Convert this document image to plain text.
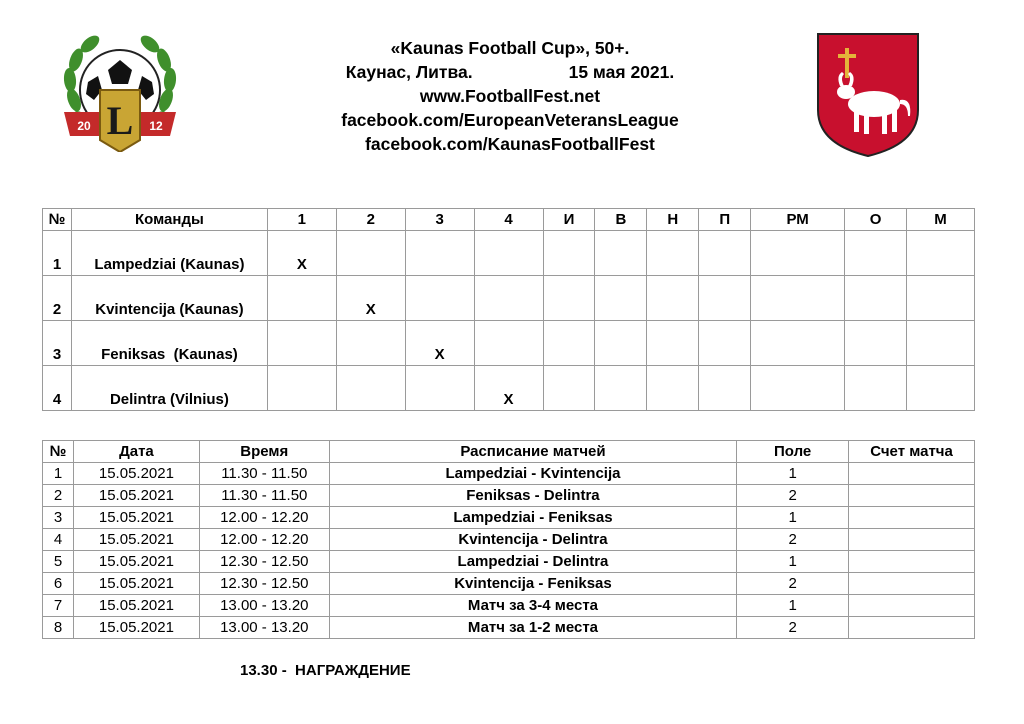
L
20	12
«Kaunas Football Cup», 50+.
Каунас, Литва.	15 мая 2021.
www.FootballFest.net
facebook.com/EuropeanVeteransLeague
facebook.com/KaunasFootballFest
№	Команды	1	2	3	4	И	В	Н	П	РМ	О	М
1	Lampedziai (Kaunas)	X										
2	Kvintencija (Kaunas)		X									
3	Feniksas  (Kaunas)			X								
4	Delintra (Vilnius)				X							
№	Дата	Время	Расписание матчей	Поле	Счет матча
1	15.05.2021	11.30 - 11.50	Lampedziai - Kvintencija	1	
2	15.05.2021	11.30 - 11.50	Feniksas - Delintra	2	
3	15.05.2021	12.00 - 12.20	Lampedziai - Feniksas	1	
4	15.05.2021	12.00 - 12.20	Kvintencija - Delintra	2	
5	15.05.2021	12.30 - 12.50	Lampedziai - Delintra	1	
6	15.05.2021	12.30 - 12.50	Kvintencija - Feniksas	2	
7	15.05.2021	13.00 - 13.20	Матч за 3-4 места	1	
8	15.05.2021	13.00 - 13.20	Матч за 1-2 места	2	
13.30 -  НАГРАЖДЕНИЕ
